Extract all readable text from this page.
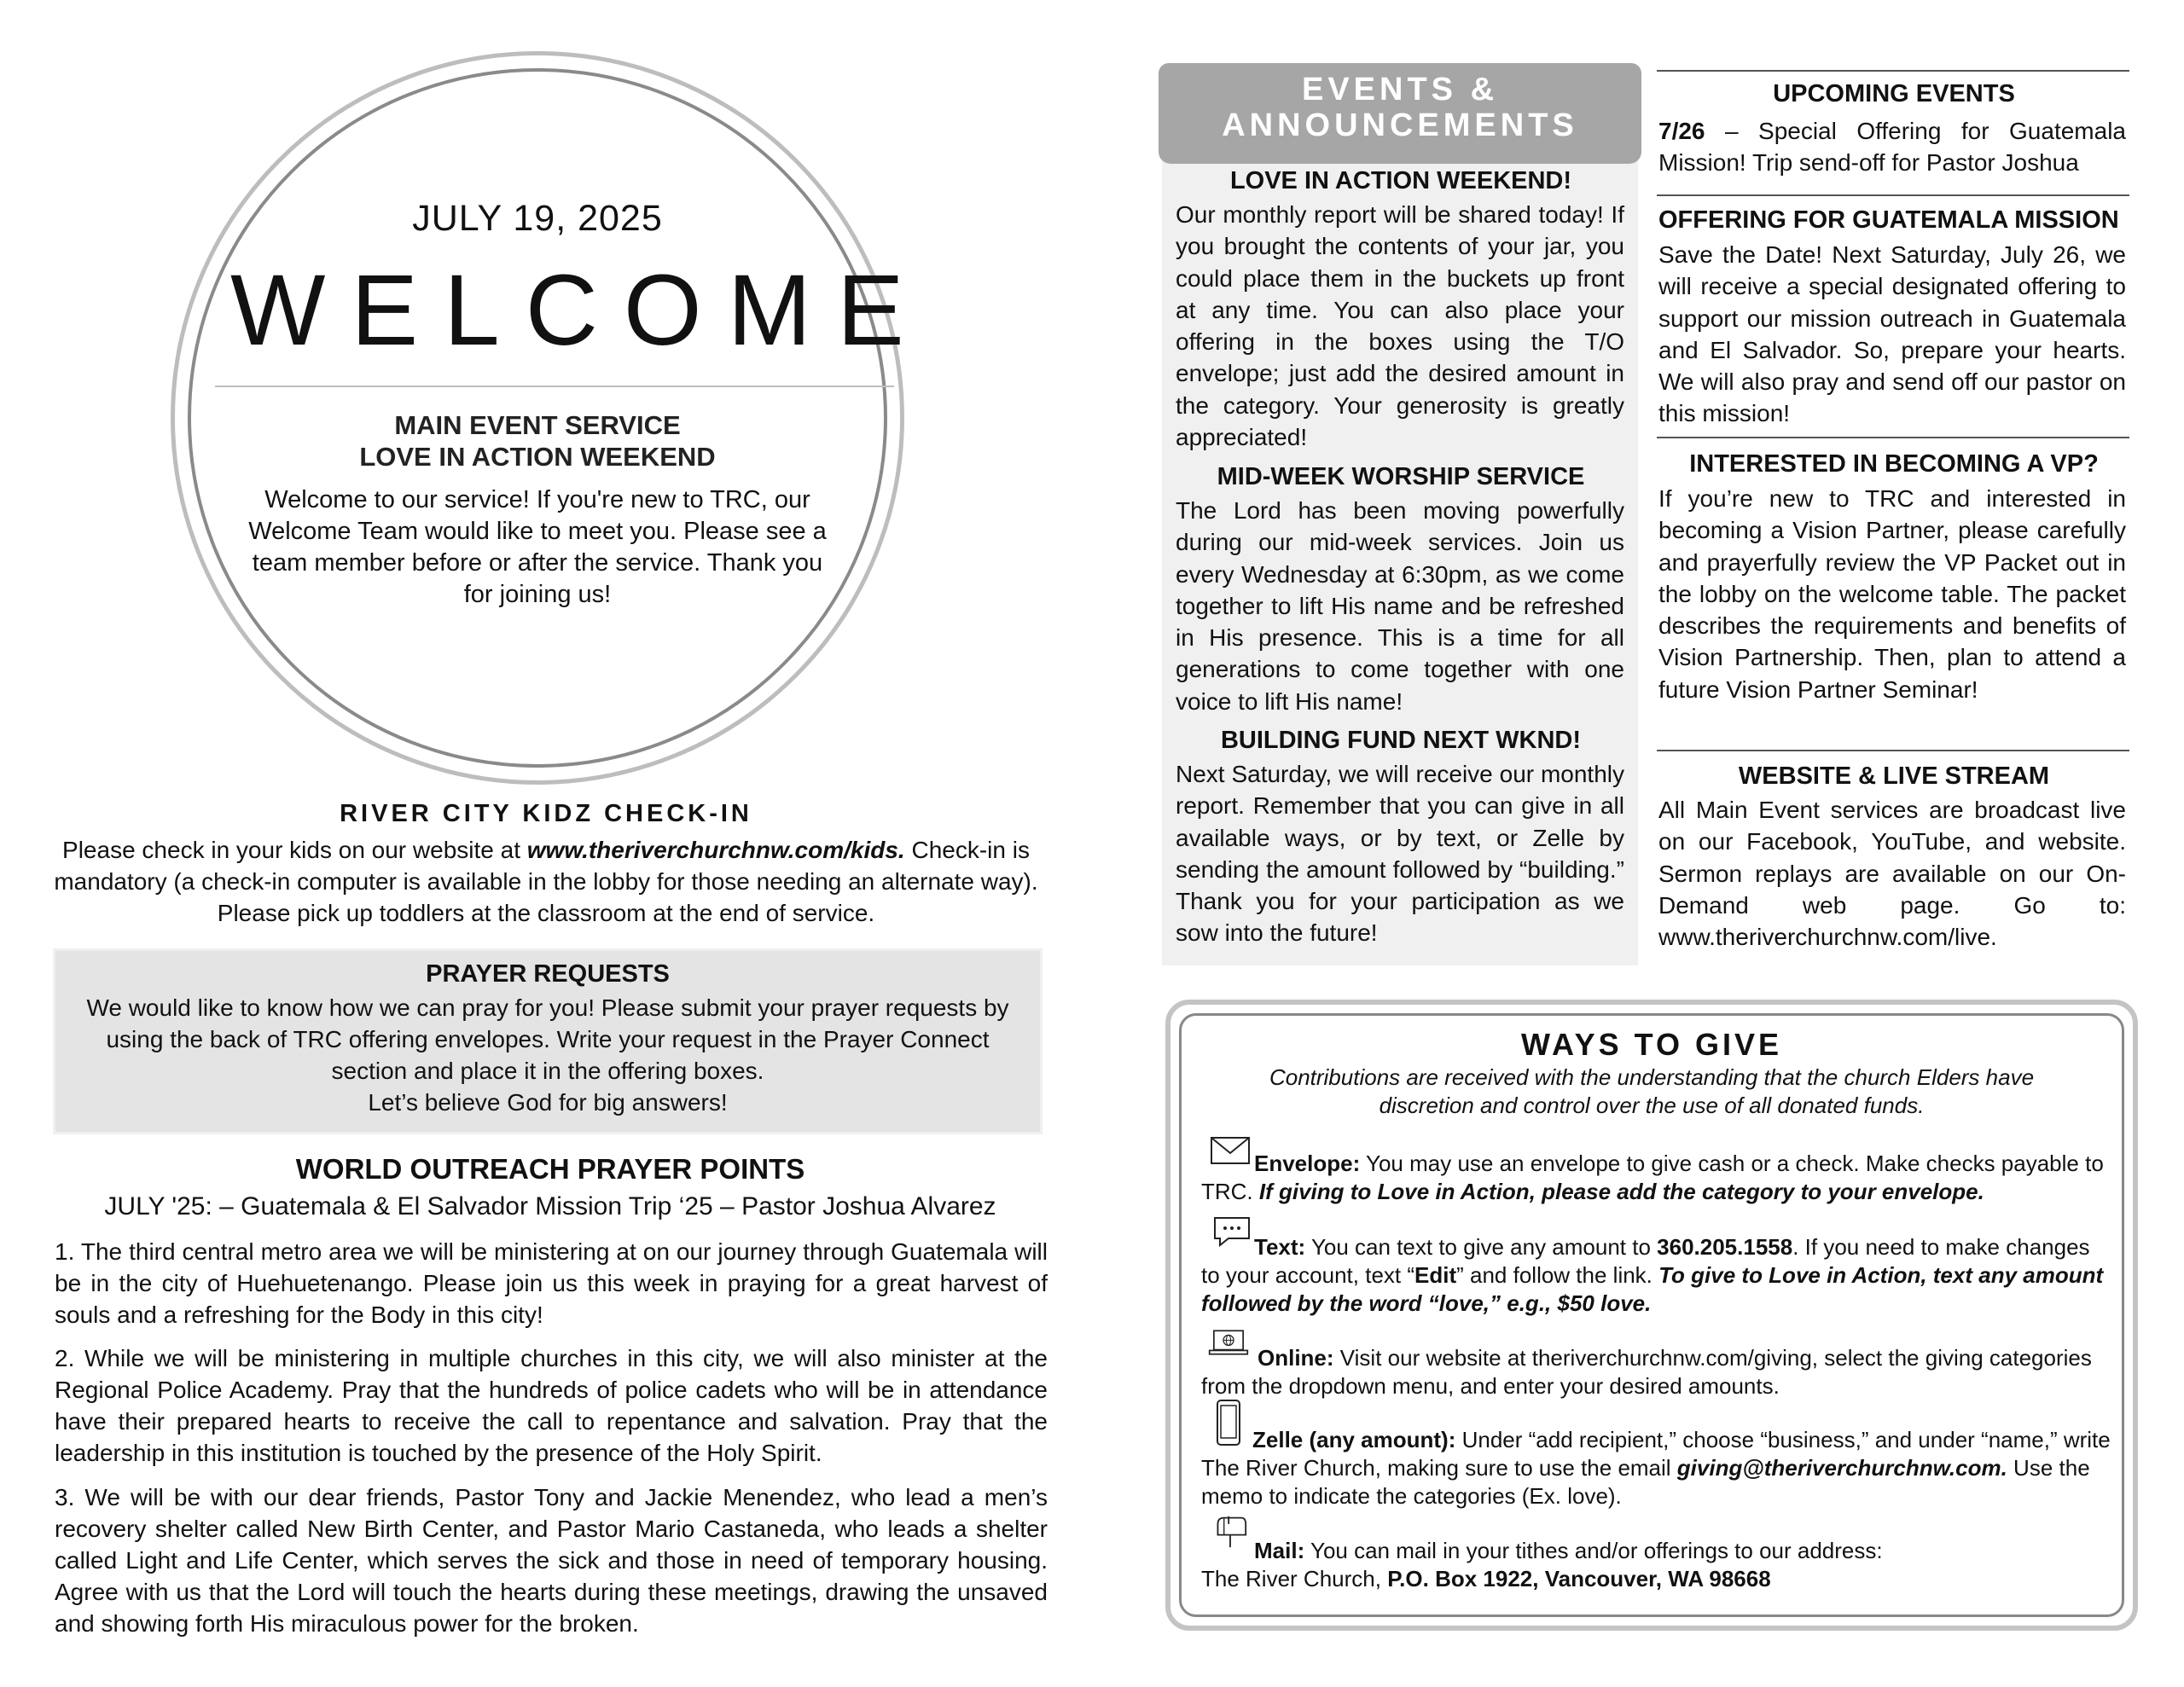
JULY 19, 2025
WELCOME
MAIN EVENT SERVICE
LOVE IN ACTION WEEKEND
Welcome to our service! If you're new to TRC, our Welcome Team would like to meet you. Please see a team member before or after the service. Thank you for joining us!
RIVER CITY KIDZ CHECK-IN
Please check in your kids on our website at www.theriverchurchnw.com/kids. Check-in is mandatory (a check-in computer is available in the lobby for those needing an alternate way). Please pick up toddlers at the classroom at the end of service.
PRAYER REQUESTS
We would like to know how we can pray for you! Please submit your prayer requests by using the back of TRC offering envelopes. Write your request in the Prayer Connect section and place it in the offering boxes.
Let’s believe God for big answers!
WORLD OUTREACH PRAYER POINTS
JULY '25: – Guatemala & El Salvador Mission Trip ‘25 – Pastor Joshua Alvarez
1. The third central metro area we will be ministering at on our journey through Guatemala will be in the city of Huehuetenango. Please join us this week in praying for a great harvest of souls and a refreshing for the Body in this city!
2. While we will be ministering in multiple churches in this city, we will also minister at the Regional Police Academy. Pray that the hundreds of police cadets who will be in attendance have their prepared hearts to receive the call to repentance and salvation. Pray that the leadership in this institution is touched by the presence of the Holy Spirit.
3. We will be with our dear friends, Pastor Tony and Jackie Menendez, who lead a men’s recovery shelter called New Birth Center, and Pastor Mario Castaneda, who leads a shelter called Light and Life Center, which serves the sick and those in need of temporary housing. Agree with us that the Lord will touch the hearts during these meetings, drawing the unsaved and showing forth His miraculous power for the broken.
EVENTS &
ANNOUNCEMENTS
LOVE IN ACTION WEEKEND!
Our monthly report will be shared today! If you brought the contents of your jar, you could place them in the buckets up front at any time. You can also place your offering in the boxes using the T/O envelope; just add the desired amount in the category. Your generosity is greatly appreciated!
MID-WEEK WORSHIP SERVICE
The Lord has been moving powerfully during our mid-week services. Join us every Wednesday at 6:30pm, as we come together to lift His name and be refreshed in His presence. This is a time for all generations to come together with one voice to lift His name!
BUILDING FUND NEXT WKND!
Next Saturday, we will receive our monthly report. Remember that you can give in all available ways, or by text, or Zelle by sending the amount followed by “building.” Thank you for your participation as we sow into the future!
UPCOMING EVENTS
7/26 – Special Offering for Guatemala Mission! Trip send-off for Pastor Joshua
OFFERING FOR GUATEMALA MISSION
Save the Date! Next Saturday, July 26, we will receive a special designated offering to support our mission outreach in Guatemala and El Salvador. So, prepare your hearts. We will also pray and send off our pastor on this mission!
INTERESTED IN BECOMING A VP?
If you’re new to TRC and interested in becoming a Vision Partner, please carefully and prayerfully review the VP Packet out in the lobby on the welcome table. The packet describes the requirements and benefits of Vision Partnership. Then, plan to attend a future Vision Partner Seminar!
WEBSITE & LIVE STREAM
All Main Event services are broadcast live on our Facebook, YouTube, and website. Sermon replays are available on our On-Demand web page. Go to: www.theriverchurchnw.com/live.
WAYS TO GIVE
Contributions are received with the understanding that the church Elders have discretion and control over the use of all donated funds.
Envelope: You may use an envelope to give cash or a check. Make checks payable to TRC. If giving to Love in Action, please add the category to your envelope.
Text: You can text to give any amount to 360.205.1558. If you need to make changes to your account, text “Edit” and follow the link. To give to Love in Action, text any amount followed by the word “love,” e.g., $50 love.
Online: Visit our website at theriverchurchnw.com/giving, select the giving categories from the dropdown menu, and enter your desired amounts.
Zelle (any amount): Under “add recipient,” choose “business,” and under “name,” write The River Church, making sure to use the email giving@theriverchurchnw.com. Use the memo to indicate the categories (Ex. love).
Mail: You can mail in your tithes and/or offerings to our address:
The River Church, P.O. Box 1922, Vancouver, WA 98668
